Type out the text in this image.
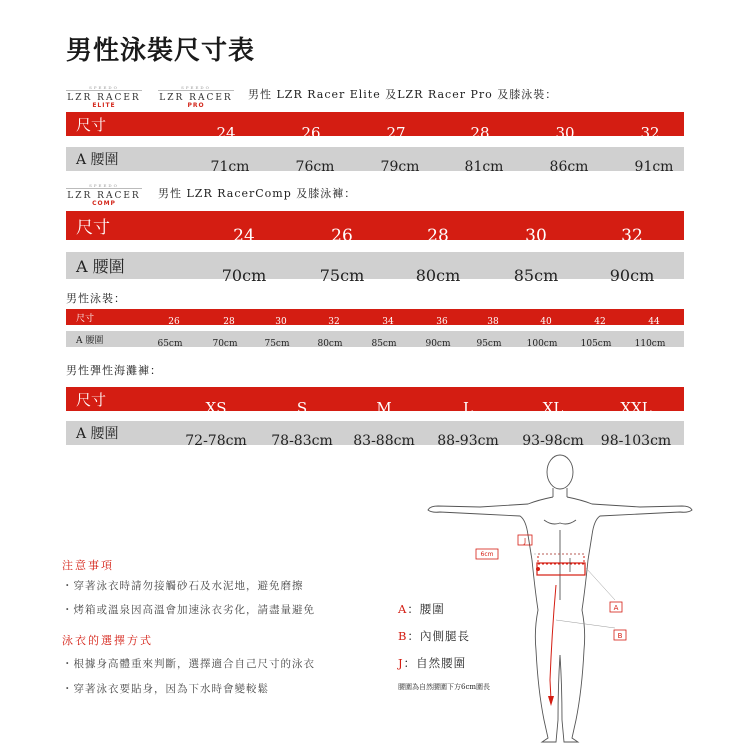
男性泳裝尺寸表
SPEEDO
LZR RACER
ELITE
SPEEDO
LZR RACER
PRO
男性 LZR Racer Elite 及LZR Racer Pro 及膝泳裝：
尺寸	24	26	27	28	30	32
A 腰圍	71cm	76cm	79cm	81cm	86cm	91cm
SPEEDO
LZR RACER
COMP
男性 LZR RacerComp 及膝泳褲：
尺寸	24	26	28	30	32
A 腰圍	70cm	75cm	80cm	85cm	90cm
男性泳裝：
尺寸	26	28	30	32	34	36	38	40	42	44
A 腰圍	65cm	70cm	75cm	80cm	85cm	90cm	95cm	100cm	105cm	110cm
男性彈性海灘褲：
尺寸	XS	S	M	L	XL	XXL
A 腰圍	72-78cm 78-83cm 83-88cm 88-93cm 93-98cm 98-103cm
注意事項
・穿著泳衣時請勿接觸砂石及水泥地，避免磨擦
・烤箱或溫泉因高溫會加速泳衣劣化，請盡量避免
泳衣的選擇方式
・根據身高體重來判斷，選擇適合自己尺寸的泳衣
・穿著泳衣要貼身，因為下水時會變較鬆
A：腰圍
B：內側腿長
J：自然腰圍
腰圍為自然腰圍下方6cm圍長
J
6cm
A
B
